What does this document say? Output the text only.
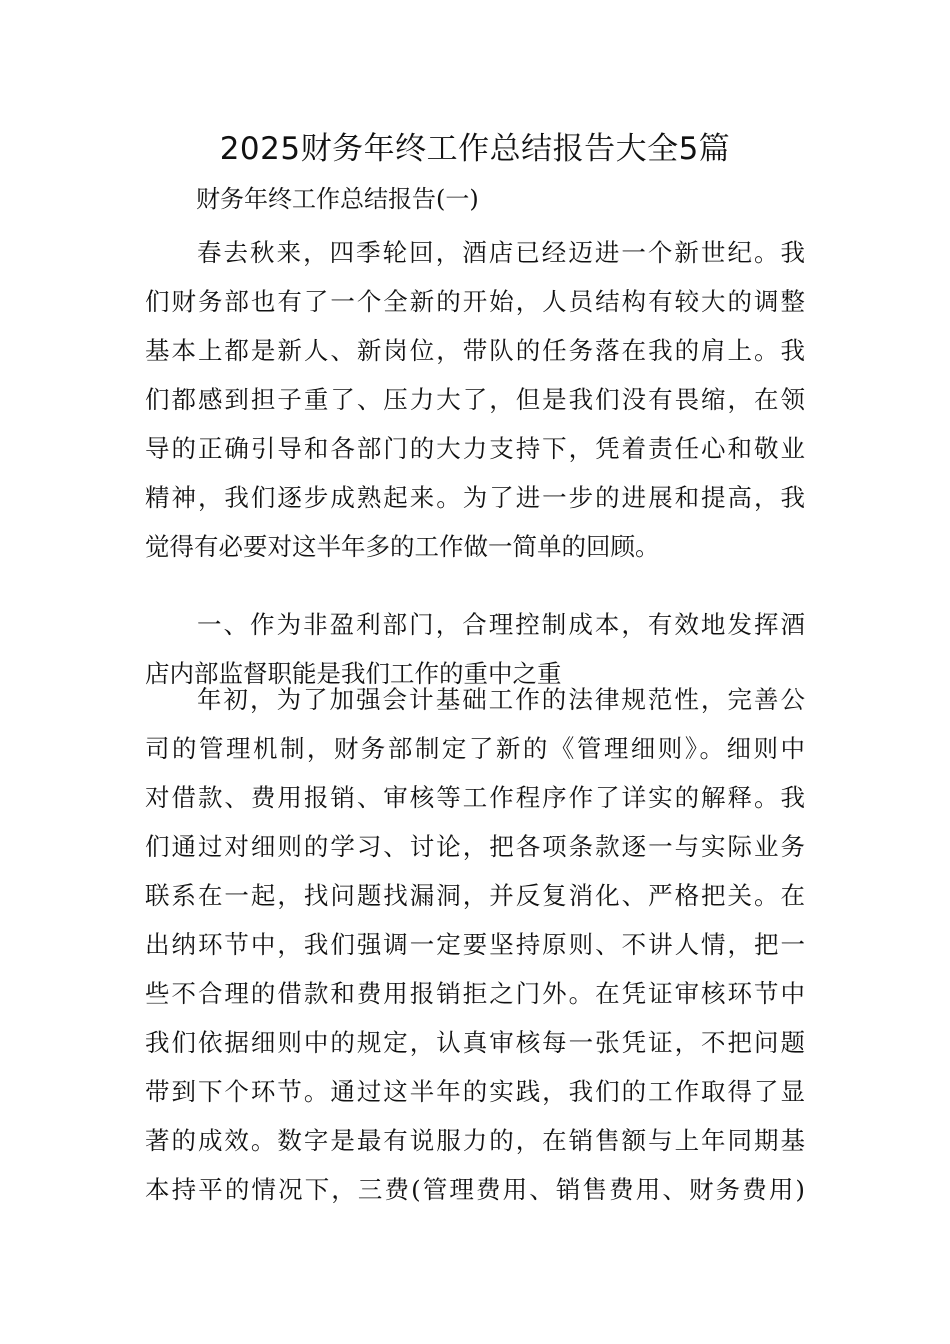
2025财务年终工作总结报告大全5篇
财务年终工作总结报告(一)
春去秋来，四季轮回，酒店已经迈进一个新世纪。我
们财务部也有了一个全新的开始，人员结构有较大的调整
基本上都是新人、新岗位，带队的任务落在我的肩上。我
们都感到担子重了、压力大了，但是我们没有畏缩，在领
导的正确引导和各部门的大力支持下，凭着责任心和敬业
精神，我们逐步成熟起来。为了进一步的进展和提高，我
觉得有必要对这半年多的工作做一简单的回顾。
一、作为非盈利部门，合理控制成本，有效地发挥酒
店内部监督职能是我们工作的重中之重
年初，为了加强会计基础工作的法律规范性，完善公
司的管理机制，财务部制定了新的《管理细则》。细则中
对借款、费用报销、审核等工作程序作了详实的解释。我
们通过对细则的学习、讨论，把各项条款逐一与实际业务
联系在一起，找问题找漏洞，并反复消化、严格把关。在
出纳环节中，我们强调一定要坚持原则、不讲人情，把一
些不合理的借款和费用报销拒之门外。在凭证审核环节中
我们依据细则中的规定，认真审核每一张凭证，不把问题
带到下个环节。通过这半年的实践，我们的工作取得了显
著的成效。数字是最有说服力的，在销售额与上年同期基
本持平的情况下，三费(管理费用、销售费用、财务费用)
